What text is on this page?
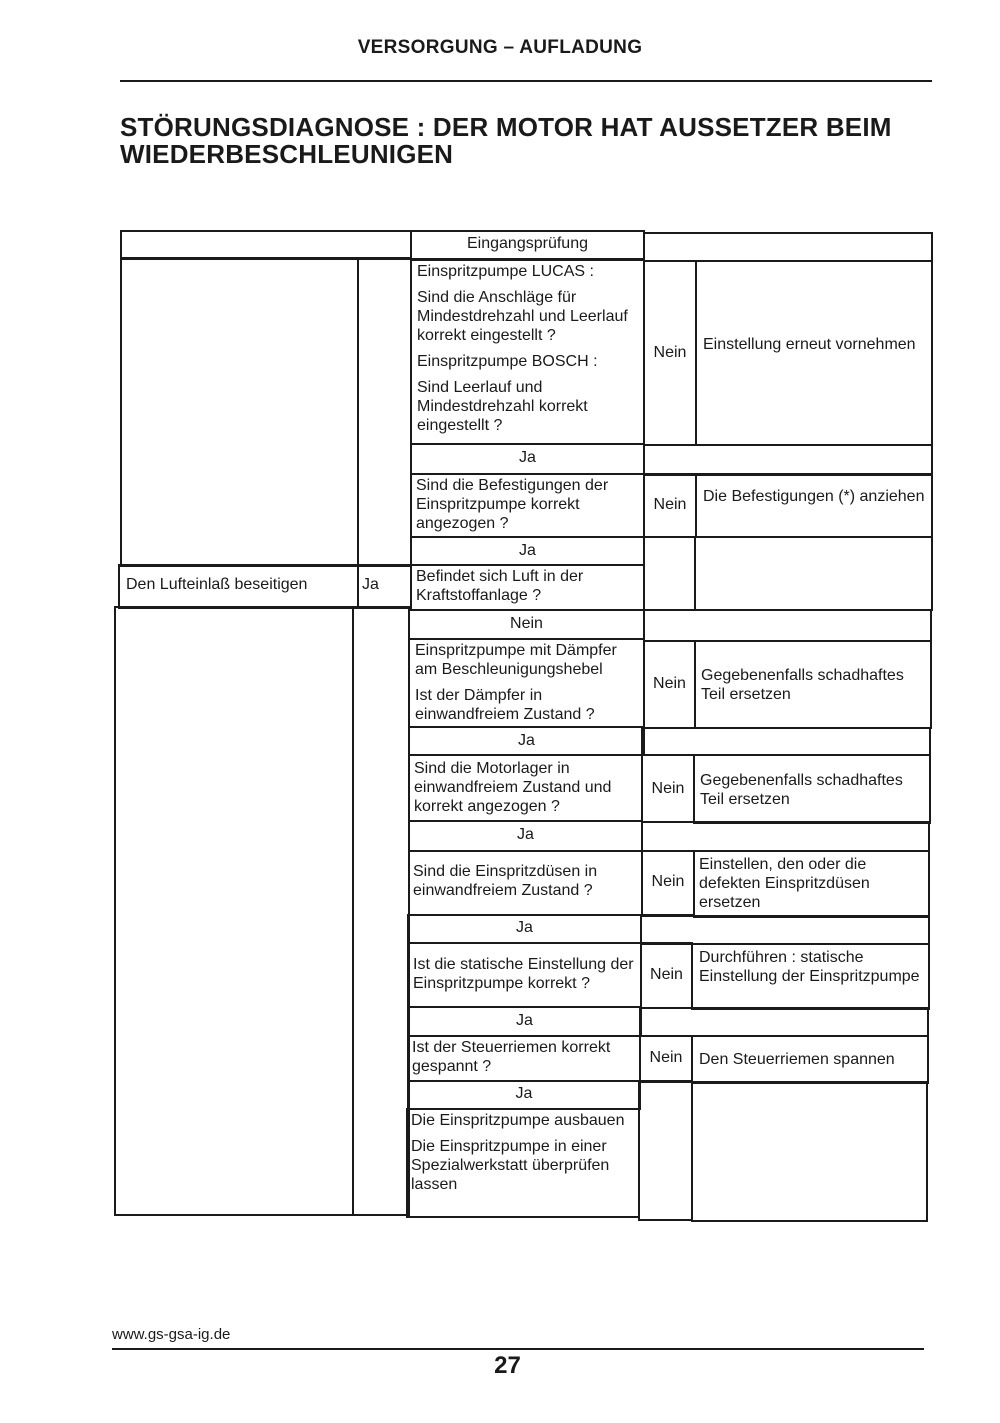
VERSORGUNG – AUFLADUNG
STÖRUNGSDIAGNOSE : DER MOTOR HAT AUSSETZER BEIM
WIEDERBESCHLEUNIGEN
Eingangsprüfung

Einspritzpumpe LUCAS :

Sind die Anschläge für Mindestdrehzahl und Leerlauf korrekt eingestellt ?

Einspritzpumpe BOSCH :

Sind Leerlauf und Mindestdrehzahl korrekt eingestellt ?

Nein	Einstellung erneut vornehmen
Ja
Sind die Befestigungen der Einspritzpumpe korrekt angezogen ?
Nein	Die Befestigungen (*) anziehen
Ja
Den Lufteinlaß beseitigen	Ja	Befindet sich Luft in der Kraftstoffanlage ?
Nein

Einspritzpumpe mit Dämpfer am Beschleunigungshebel

Ist der Dämpfer in einwandfreiem Zustand ?

Nein Gegebenenfalls schadhaftes Teil ersetzen
Ja
Sind die Motorlager in einwandfreiem Zustand und korrekt angezogen ?
Nein Gegebenenfalls schadhaftes Teil ersetzen
Ja
Sind die Einspritzdüsen in einwandfreiem Zustand ?
Nein
Einstellen, den oder die defekten Einspritzdüsen ersetzen
Ja
Ist die statische Einstellung der Einspritzpumpe korrekt ?
Nein
Durchführen : statische Einstellung der Einspritzpumpe
Ja
Ist der Steuerriemen korrekt gespannt ?
Nein	Den Steuerriemen spannen
Ja

Die Einspritzpumpe ausbauen

Die Einspritzpumpe in einer Spezialwerkstatt überprüfen lassen

www.gs-gsa-ig.de
27
